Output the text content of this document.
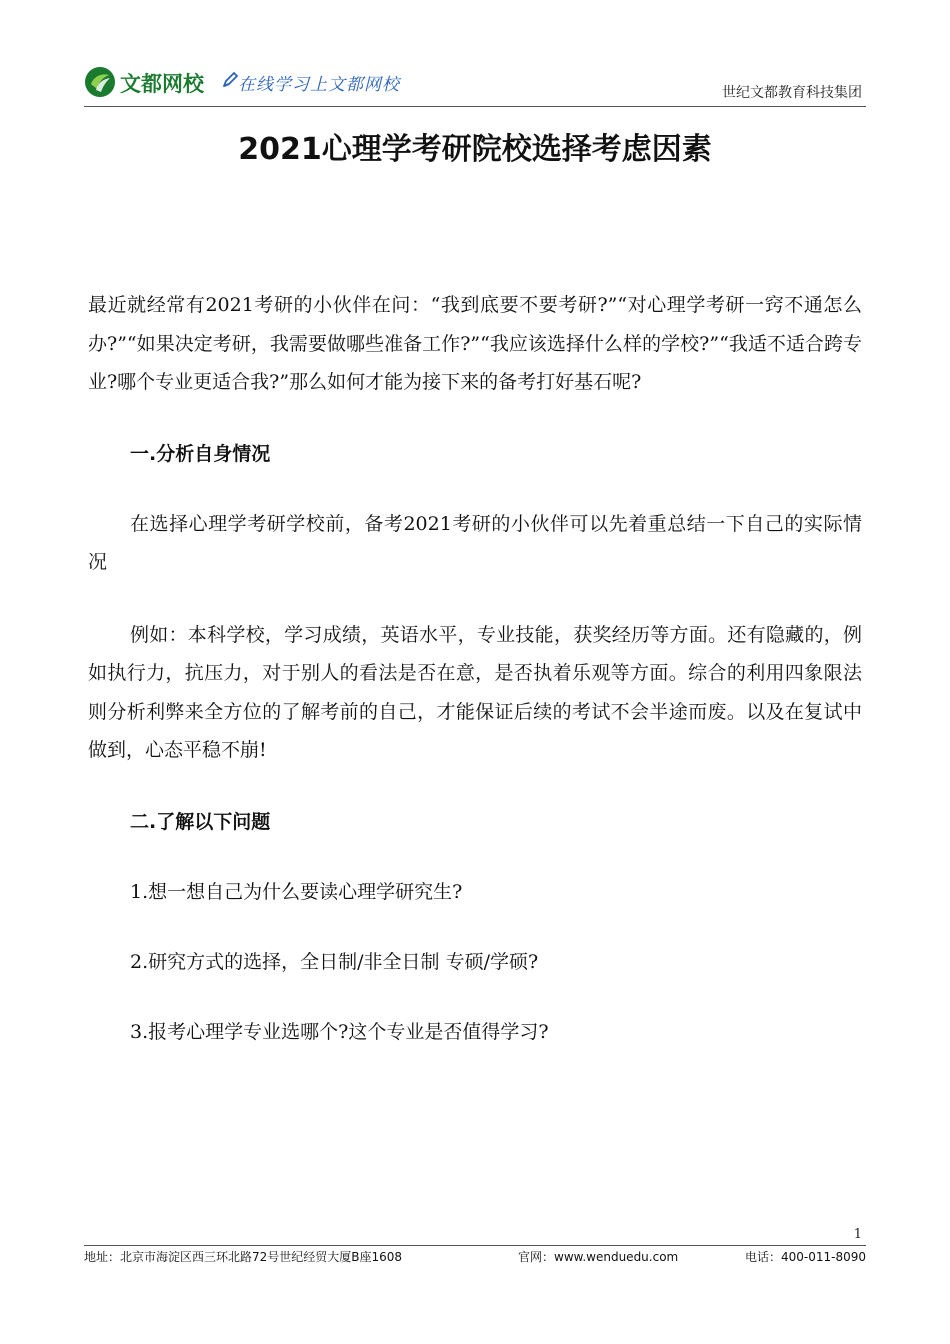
文都网校 在线学习上文都网校	世纪文都教育科技集团
2021心理学考研院校选择考虑因素

最近就经常有2021考研的小伙伴在问：“我到底要不要考研?”“对心理学考研一窍不通怎么办?”“如果决定考研，我需要做哪些准备工作?”“我应该选择什么样的学校?”“我适不适合跨专业?哪个专业更适合我?”那么如何才能为接下来的备考打好基石呢?

一.分析自身情况

在选择心理学考研学校前，备考2021考研的小伙伴可以先着重总结一下自己的实际情况

例如：本科学校，学习成绩，英语水平，专业技能，获奖经历等方面。还有隐藏的，例如执行力，抗压力，对于别人的看法是否在意，是否执着乐观等方面。综合的利用四象限法则分析利弊来全方位的了解考前的自己，才能保证后续的考试不会半途而废。以及在复试中做到，心态平稳不崩!

二.了解以下问题

1.想一想自己为什么要读心理学研究生?

2.研究方式的选择，全日制/非全日制 专硕/学硕?

3.报考心理学专业选哪个?这个专业是否值得学习?

1
地址：北京市海淀区西三环北路72号世纪经贸大厦B座1608	官网：www.wenduedu.com	电话：400-011-8090
